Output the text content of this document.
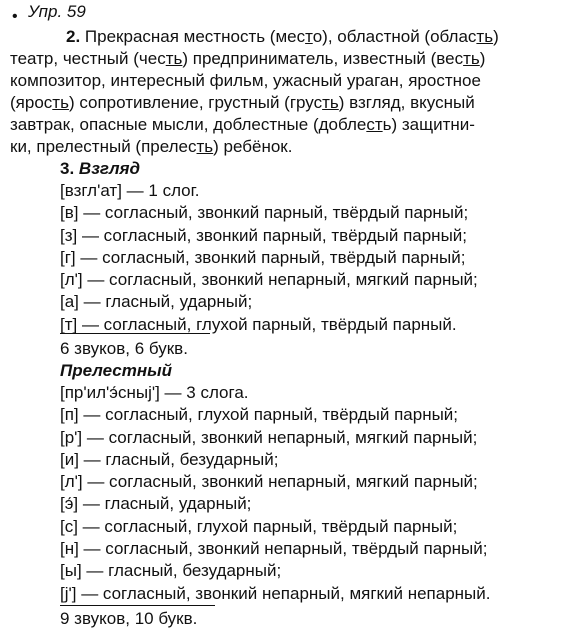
• Упр. 59
2. Прекрасная местность (место), областной (область)
театр, честный (честь) предприниматель, известный (весть)
композитор, интересный фильм, ужасный ураган, яростное
(ярость) сопротивление, грустный (грусть) взгляд, вкусный
завтрак, опасные мысли, доблестные (доблесть) защитни-
ки, прелестный (прелесть) ребёнок.
3. Взгляд
[взгл'ат] — 1 слог.
[в] — согласный, звонкий парный, твёрдый парный;
[з] — согласный, звонкий парный, твёрдый парный;
[г] — согласный, звонкий парный, твёрдый парный;
[л'] — согласный, звонкий непарный, мягкий парный;
[а] — гласный, ударный;
[т] — согласный, глухой парный, твёрдый парный.
6 звуков, 6 букв.
Прелестный
[пр'ил'э́сныj'] — 3 слога.
[п] — согласный, глухой парный, твёрдый парный;
[р'] — согласный, звонкий непарный, мягкий парный;
[и] — гласный, безударный;
[л'] — согласный, звонкий непарный, мягкий парный;
[э́] — гласный, ударный;
[с] — согласный, глухой парный, твёрдый парный;
[н] — согласный, звонкий непарный, твёрдый парный;
[ы] — гласный, безударный;
[j'] — согласный, звонкий непарный, мягкий непарный.
9 звуков, 10 букв.
